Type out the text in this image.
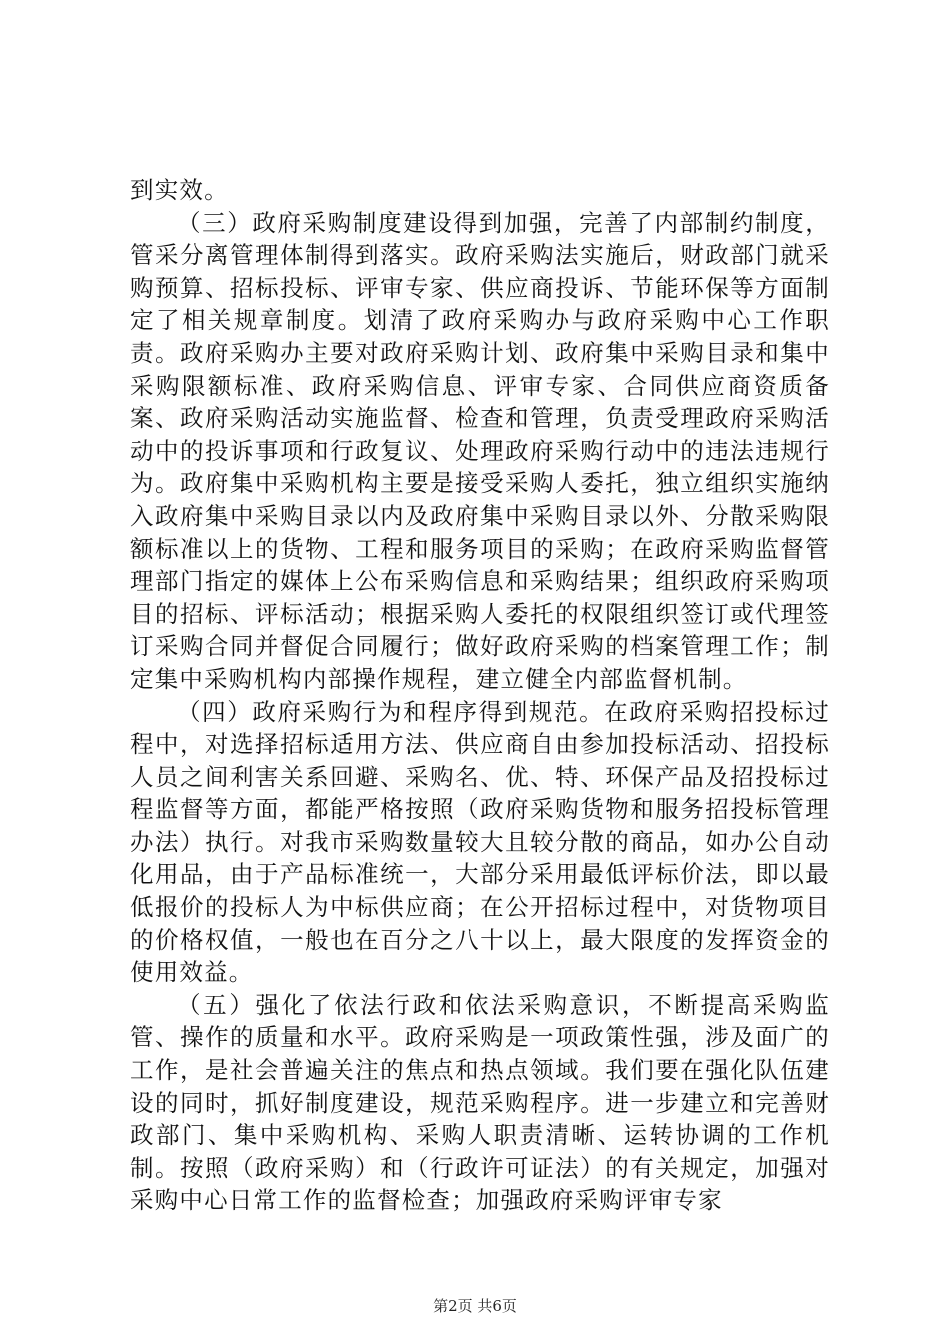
到实效。

（三）政府采购制度建设得到加强，完善了内部制约制度，管采分离管理体制得到落实。政府采购法实施后，财政部门就采购预算、招标投标、评审专家、供应商投诉、节能环保等方面制定了相关规章制度。划清了政府采购办与政府采购中心工作职责。政府采购办主要对政府采购计划、政府集中采购目录和集中采购限额标准、政府采购信息、评审专家、合同供应商资质备案、政府采购活动实施监督、检查和管理，负责受理政府采购活动中的投诉事项和行政复议、处理政府采购行动中的违法违规行为。政府集中采购机构主要是接受采购人委托，独立组织实施纳入政府集中采购目录以内及政府集中采购目录以外、分散采购限额标准以上的货物、工程和服务项目的采购；在政府采购监督管理部门指定的媒体上公布采购信息和采购结果；组织政府采购项目的招标、评标活动；根据采购人委托的权限组织签订或代理签订采购合同并督促合同履行；做好政府采购的档案管理工作；制定集中采购机构内部操作规程，建立健全内部监督机制。

（四）政府采购行为和程序得到规范。在政府采购招投标过程中，对选择招标适用方法、供应商自由参加投标活动、招投标人员之间利害关系回避、采购名、优、特、环保产品及招投标过程监督等方面，都能严格按照（政府采购货物和服务招投标管理办法）执行。对我市采购数量较大且较分散的商品，如办公自动化用品，由于产品标准统一，大部分采用最低评标价法，即以最低报价的投标人为中标供应商；在公开招标过程中，对货物项目的价格权值，一般也在百分之八十以上，最大限度的发挥资金的使用效益。

（五）强化了依法行政和依法采购意识，不断提高采购监管、操作的质量和水平。政府采购是一项政策性强，涉及面广的工作，是社会普遍关注的焦点和热点领域。我们要在强化队伍建设的同时，抓好制度建设，规范采购程序。进一步建立和完善财政部门、集中采购机构、采购人职责清晰、运转协调的工作机制。按照（政府采购）和（行政许可证法）的有关规定，加强对采购中心日常工作的监督检查；加强政府采购评审专家

第2页 共6页
